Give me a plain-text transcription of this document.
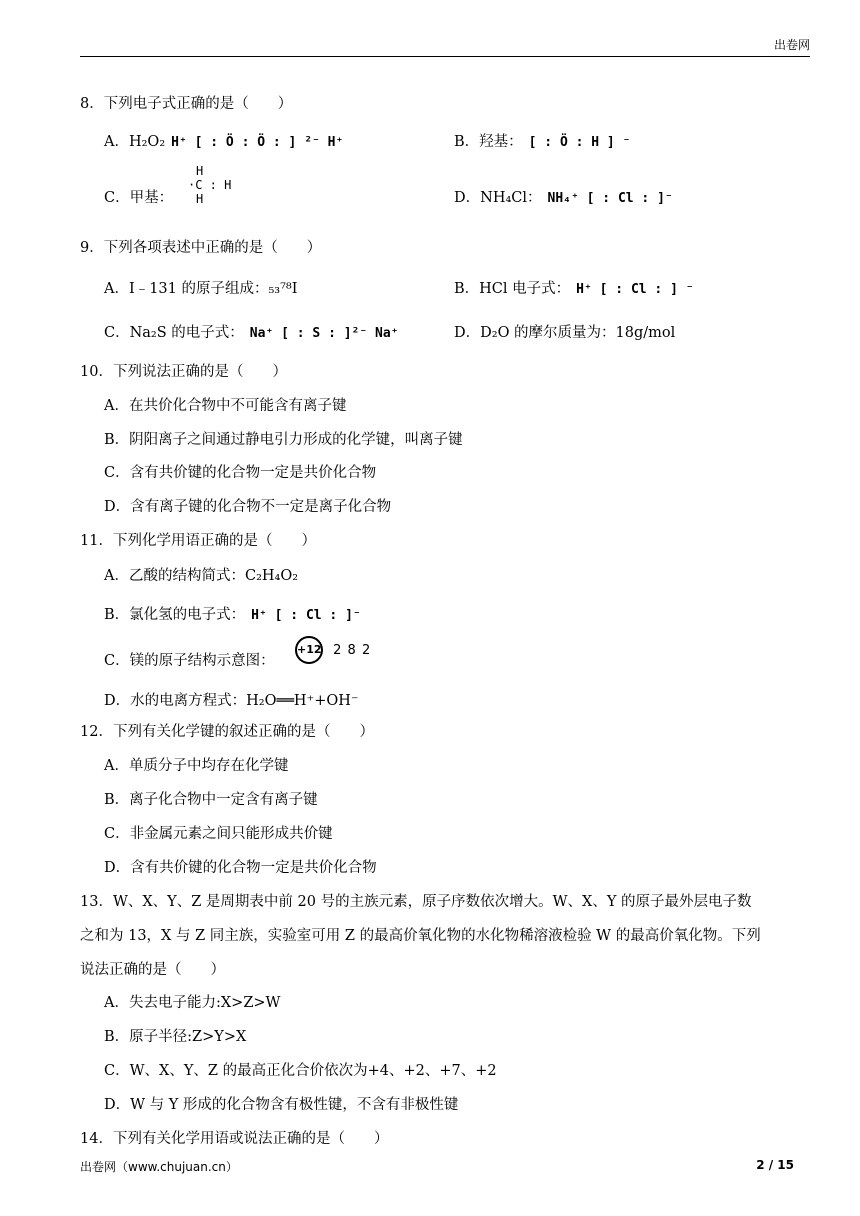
出卷网
8．下列电子式正确的是（　　）
A．H₂O₂ H⁺ [ : Ö : Ö : ] ²⁻ H⁺	B．羟基： [ : Ö : H ] ⁻
C．甲基：
H
·C : H
H	D．NH₄Cl： NH₄⁺ [ : Cl : ]⁻
9．下列各项表述中正确的是（　　）
A．I﹣131 的原子组成：₅₃⁷⁸I	B．HCl 电子式： H⁺ [ : Cl : ] ⁻
C．Na₂S 的电子式： Na⁺ [ : S : ]²⁻ Na⁺	D．D₂O 的摩尔质量为：18g/mol
10．下列说法正确的是（　　）
A．在共价化合物中不可能含有离子键
B．阴阳离子之间通过静电引力形成的化学键，叫离子键
C．含有共价键的化合物一定是共价化合物
D．含有离子键的化合物不一定是离子化合物
11．下列化学用语正确的是（　　）
A．乙酸的结构简式：C₂H₄O₂
B．氯化氢的电子式： H⁺ [ : Cl : ]⁻
C．镁的原子结构示意图：
+12 2 8 2
D．水的电离方程式：H₂O══H⁺+OH⁻
12．下列有关化学键的叙述正确的是（　　）
A．单质分子中均存在化学键
B．离子化合物中一定含有离子键
C．非金属元素之间只能形成共价键
D．含有共价键的化合物一定是共价化合物
13．W、X、Y、Z 是周期表中前 20 号的主族元素，原子序数依次增大。W、X、Y 的原子最外层电子数
之和为 13，X 与 Z 同主族，实验室可用 Z 的最高价氧化物的水化物稀溶液检验 W 的最高价氧化物。下列
说法正确的是（　　）
A．失去电子能力:X>Z>W
B．原子半径:Z>Y>X
C．W、X、Y、Z 的最高正化合价依次为+4、+2、+7、+2
D．W 与 Y 形成的化合物含有极性键，不含有非极性键
14．下列有关化学用语或说法正确的是（　　）
出卷网（www.chujuan.cn）	2 / 15
